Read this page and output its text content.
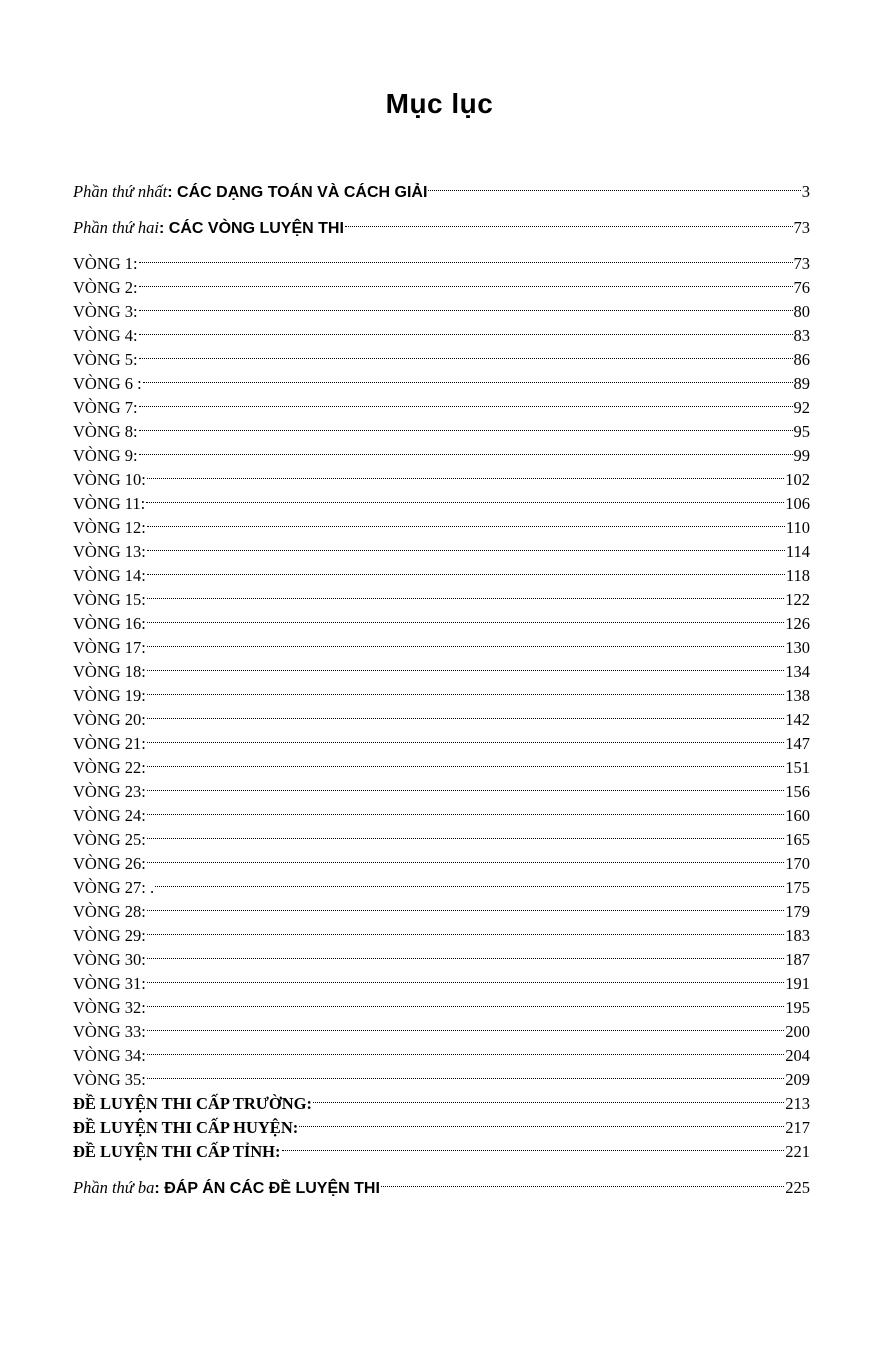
Mục lục
Phần thứ nhất: CÁC DẠNG TOÁN VÀ CÁCH GIẢI	3
Phần thứ hai: CÁC VÒNG LUYỆN THI	73
VÒNG 1:	73
VÒNG 2:	76
VÒNG 3:	80
VÒNG 4:	83
VÒNG 5:	86
VÒNG 6 :	89
VÒNG 7:	92
VÒNG 8:	95
VÒNG 9:	99
VÒNG 10:	102
VÒNG 11:	106
VÒNG 12:	110
VÒNG 13:	114
VÒNG 14:	118
VÒNG 15:	122
VÒNG 16:	126
VÒNG 17:	130
VÒNG 18:	134
VÒNG 19:	138
VÒNG 20:	142
VÒNG 21:	147
VÒNG 22:	151
VÒNG 23:	156
VÒNG 24:	160
VÒNG 25:	165
VÒNG 26:	170
VÒNG 27: .	175
VÒNG 28:	179
VÒNG 29:	183
VÒNG 30:	187
VÒNG 31:	191
VÒNG 32:	195
VÒNG 33:	200
VÒNG 34:	204
VÒNG 35:	209
ĐỀ LUYỆN THI CẤP TRƯỜNG:	213
ĐỀ LUYỆN THI CẤP HUYỆN:	217
ĐỀ LUYỆN THI CẤP TỈNH:	221
Phần thứ ba: ĐÁP ÁN CÁC ĐỀ LUYỆN THI	225
